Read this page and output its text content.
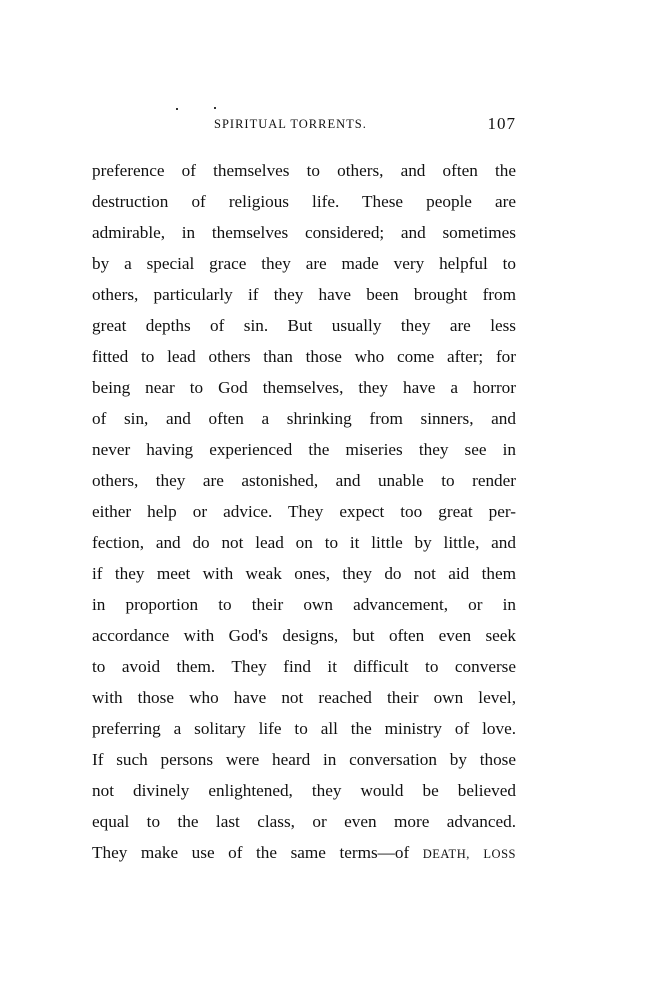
SPIRITUAL TORRENTS.	107
preference of themselves to others, and often the
destruction of religious life. These people are
admirable, in themselves considered; and sometimes
by a special grace they are made very helpful to
others, particularly if they have been brought from
great depths of sin. But usually they are less
fitted to lead others than those who come after; for
being near to God themselves, they have a horror
of sin, and often a shrinking from sinners, and
never having experienced the miseries they see in
others, they are astonished, and unable to render
either help or advice. They expect too great per-
fection, and do not lead on to it little by little, and
if they meet with weak ones, they do not aid them
in proportion to their own advancement, or in
accordance with God's designs, but often even seek
to avoid them. They find it difficult to converse
with those who have not reached their own level,
preferring a solitary life to all the ministry of love.
If such persons were heard in conversation by those
not divinely enlightened, they would be believed
equal to the last class, or even more advanced.
They make use of the same terms—of DEATH, LOSS
